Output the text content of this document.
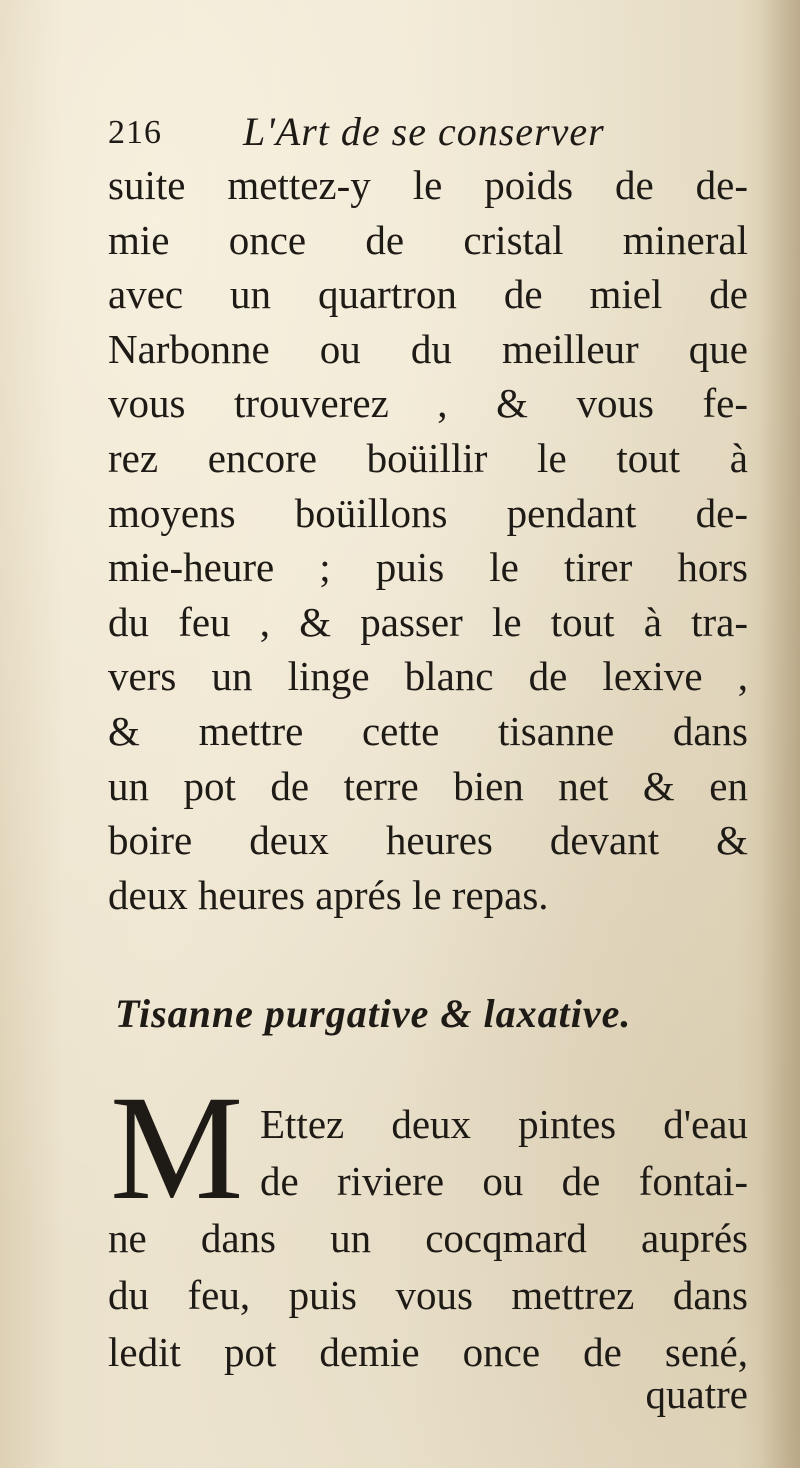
216 L'Art de se conserver
suite mettez-y le poids de de-
mie once de cristal mineral
avec un quartron de miel de
Narbonne ou du meilleur que
vous trouverez , & vous fe-
rez encore boüillir le tout à
moyens boüillons pendant de-
mie-heure ; puis le tirer hors
du feu , & passer le tout à tra-
vers un linge blanc de lexive ,
& mettre cette tisanne dans
un pot de terre bien net & en
boire deux heures devant &
deux heures aprés le repas.
Tisanne purgative & laxative.
M Ettez deux pintes d'eau
de riviere ou de fontai-
ne dans un cocqmard auprés
du feu, puis vous mettrez dans
ledit pot demie once de sené,
quatre
